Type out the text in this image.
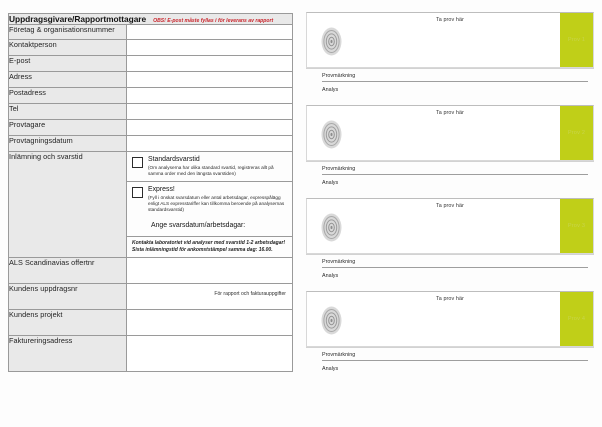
Uppdragsgivare/Rapportmottagare OBS! E-post måste fyllas i för leverans av rapport	

Företag & organisationsnummer	
Kontaktperson	
E-post	
Adress	
Postadress	
Tel	
Provtagare	
Provtagningsdatum	
Inlämning och svarstid	Standardsvarstid
(Om analyserna har olika standard svartid, registreras allt på samma order med den längsta svarstiden)
Express!
(Fyll i önskat svarsdatum eller antal arbetsdagar, expresspålägg enligt ALS expresstariffer kan tillkomma beroende på analysernas standardsvarstid)
Ange svarsdatum/arbetsdagar:
Kontakta laboratoriet vid analyser med svarstid 1-2 arbetsdagar!
Sista inlämningstid för ankomststämpel samma dag: 16.00.

ALS Scandinavias offertnr	
Kundens uppdragsnr	För rapport och fakturauppgifter

Kundens projekt	
Faktureringsadress	
Ta prov här
Prov 1
Provmärkning
Analys
Ta prov här
Prov 2
Provmärkning
Analys
Ta prov här
Prov 3
Provmärkning
Analys
Ta prov här
Prov 4
Provmärkning
Analys
